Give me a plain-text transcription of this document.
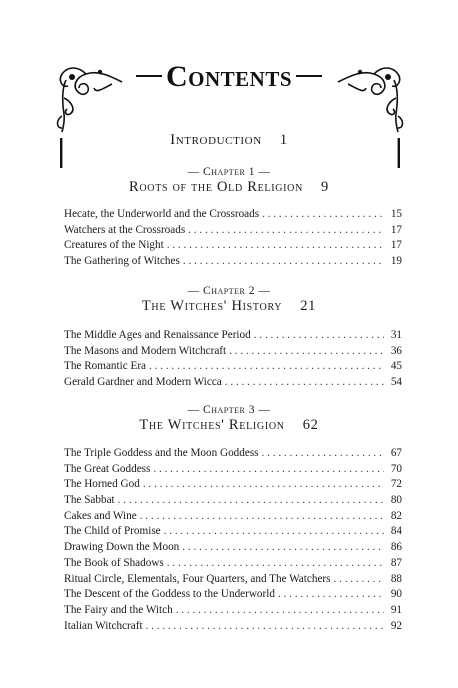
Contents
Introduction 1
— Chapter 1 —
Roots of the Old Religion 9
Hecate, the Underworld and the Crossroads . . .	15
Watchers at the Crossroads . . .	17
Creatures of the Night . . .	17
The Gathering of Witches . . .	19
— Chapter 2 —
The Witches' History 21
The Middle Ages and Renaissance Period . . .	31
The Masons and Modern Witchcraft . . .	36
The Romantic Era . . .	45
Gerald Gardner and Modern Wicca . . .	54
— Chapter 3 —
The Witches' Religion 62
The Triple Goddess and the Moon Goddess . . .	67
The Great Goddess . . .	70
The Horned God . . .	72
The Sabbat . . .	80
Cakes and Wine . . .	82
The Child of Promise . . .	84
Drawing Down the Moon . . .	86
The Book of Shadows . . .	87
Ritual Circle, Elementals, Four Quarters, and The Watchers . . .	88
The Descent of the Goddess to the Underworld . . .	90
The Fairy and the Witch . . .	91
Italian Witchcraft . . .	92
